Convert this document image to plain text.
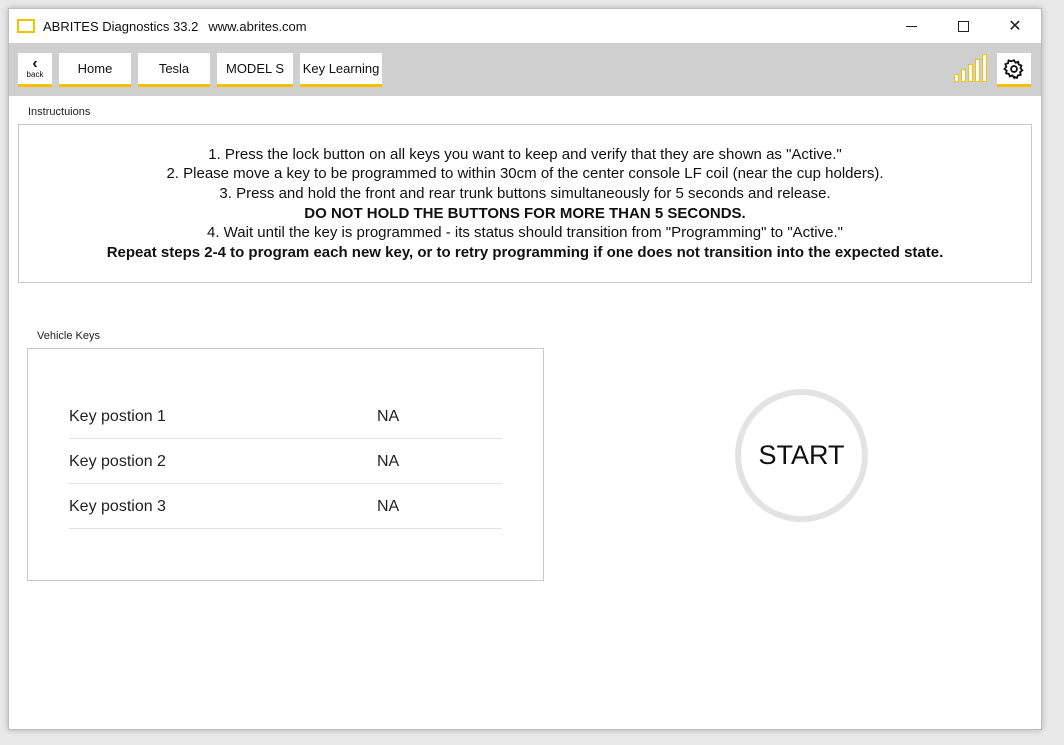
ABRITES Diagnostics 33.2 www.abrites.com	✕
‹
back	Home	Tesla	MODEL S	Key Learning
Instructuions
1. Press the lock button on all keys you want to keep and verify that they are shown as "Active."
2. Please move a key to be programmed to within 30cm of the center console LF coil (near the cup holders).
3. Press and hold the front and rear trunk buttons simultaneously for 5 seconds and release.
DO NOT HOLD THE BUTTONS FOR MORE THAN 5 SECONDS.
4. Wait until the key is programmed - its status should transition from "Programming" to "Active."
Repeat steps 2-4 to program each new key, or to retry programming if one does not transition into the expected state.
Vehicle Keys
Key postion 1	NA
Key postion 2	NA
Key postion 3	NA
START
